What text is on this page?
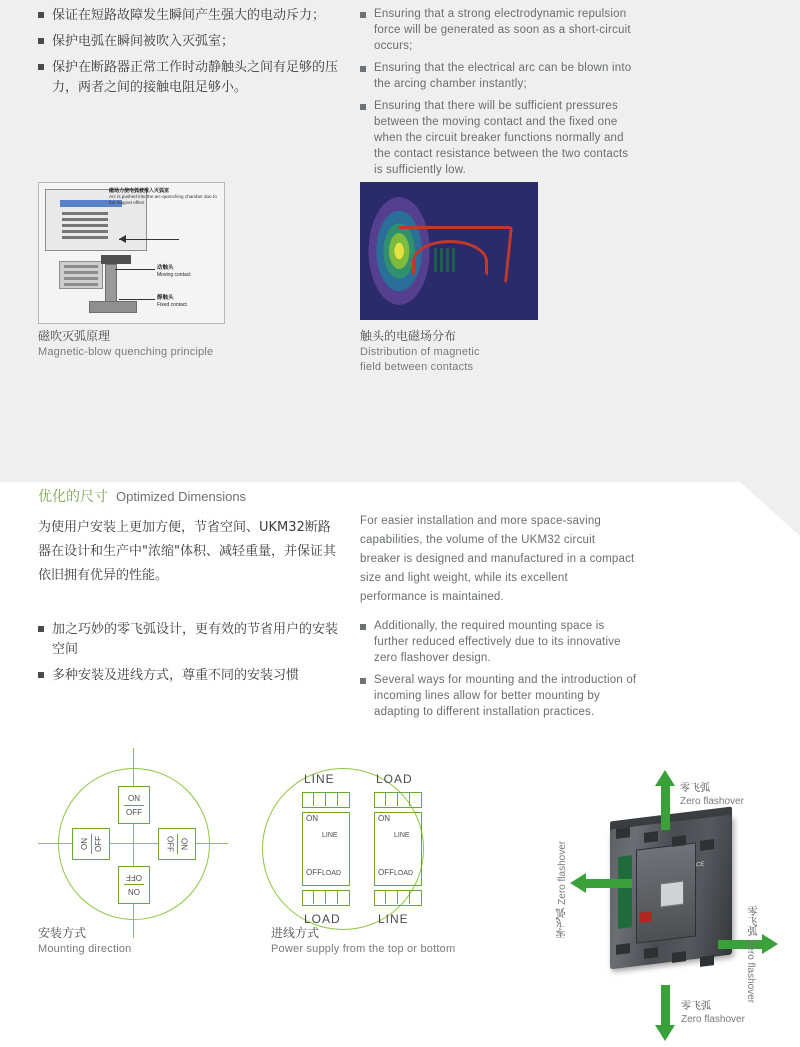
保证在短路故障发生瞬间产生强大的电动斥力；
保护电弧在瞬间被吹入灭弧室；
保护在断路器正常工作时动静触头之间有足够的压力，两者之间的接触电阻足够小。
Ensuring that a strong electrodynamic repulsion force will be generated as soon as a short-circuit occurs;
Ensuring that the electrical arc can be blown into the arcing chamber instantly;
Ensuring that there will be sufficient pressures between the moving contact and the fixed one when the circuit breaker functions normally and the contact resistance between the two contacts is sufficiently low.
磁场力使电弧被推入灭弧室
Arc is pushed into the arc-quenching chamber due to the magnet effect
动触头
Moving contact
静触头
Fixed contact
磁吹灭弧原理
Magnetic-blow quenching principle
触头的电磁场分布
Distribution of magnetic
field between contacts
优化的尺寸 Optimized Dimensions
为使用户安装上更加方便，节省空间、UKM32断路器在设计和生产中"浓缩"体积、减轻重量，并保证其依旧拥有优异的性能。
For easier installation and more space-saving capabilities, the volume of the UKM32 circuit breaker is designed and manufactured in a compact size and light weight, while its excellent performance is maintained.
加之巧妙的零飞弧设计，更有效的节省用户的安装空间
多种安装及进线方式，尊重不同的安装习惯
Additionally, the required mounting space is further reduced effectively due to its innovative zero flashover design.
Several ways for mounting and the introduction of incoming lines allow for better mounting by adapting to different installation practices.
ON
OFF
ON
OFF
ON OFF	OFF ON
安装方式
Mounting direction
LINE	LOAD
LOAD	LINE
ON
OFF
LINE
LOAD
ON
OFF
LINE
LOAD
进线方式
Power supply from the top or bottom
CE
零飞弧
Zero flashover
零飞弧 Zero flashover
零飞弧 Zero flashover
零飞弧
Zero flashover
